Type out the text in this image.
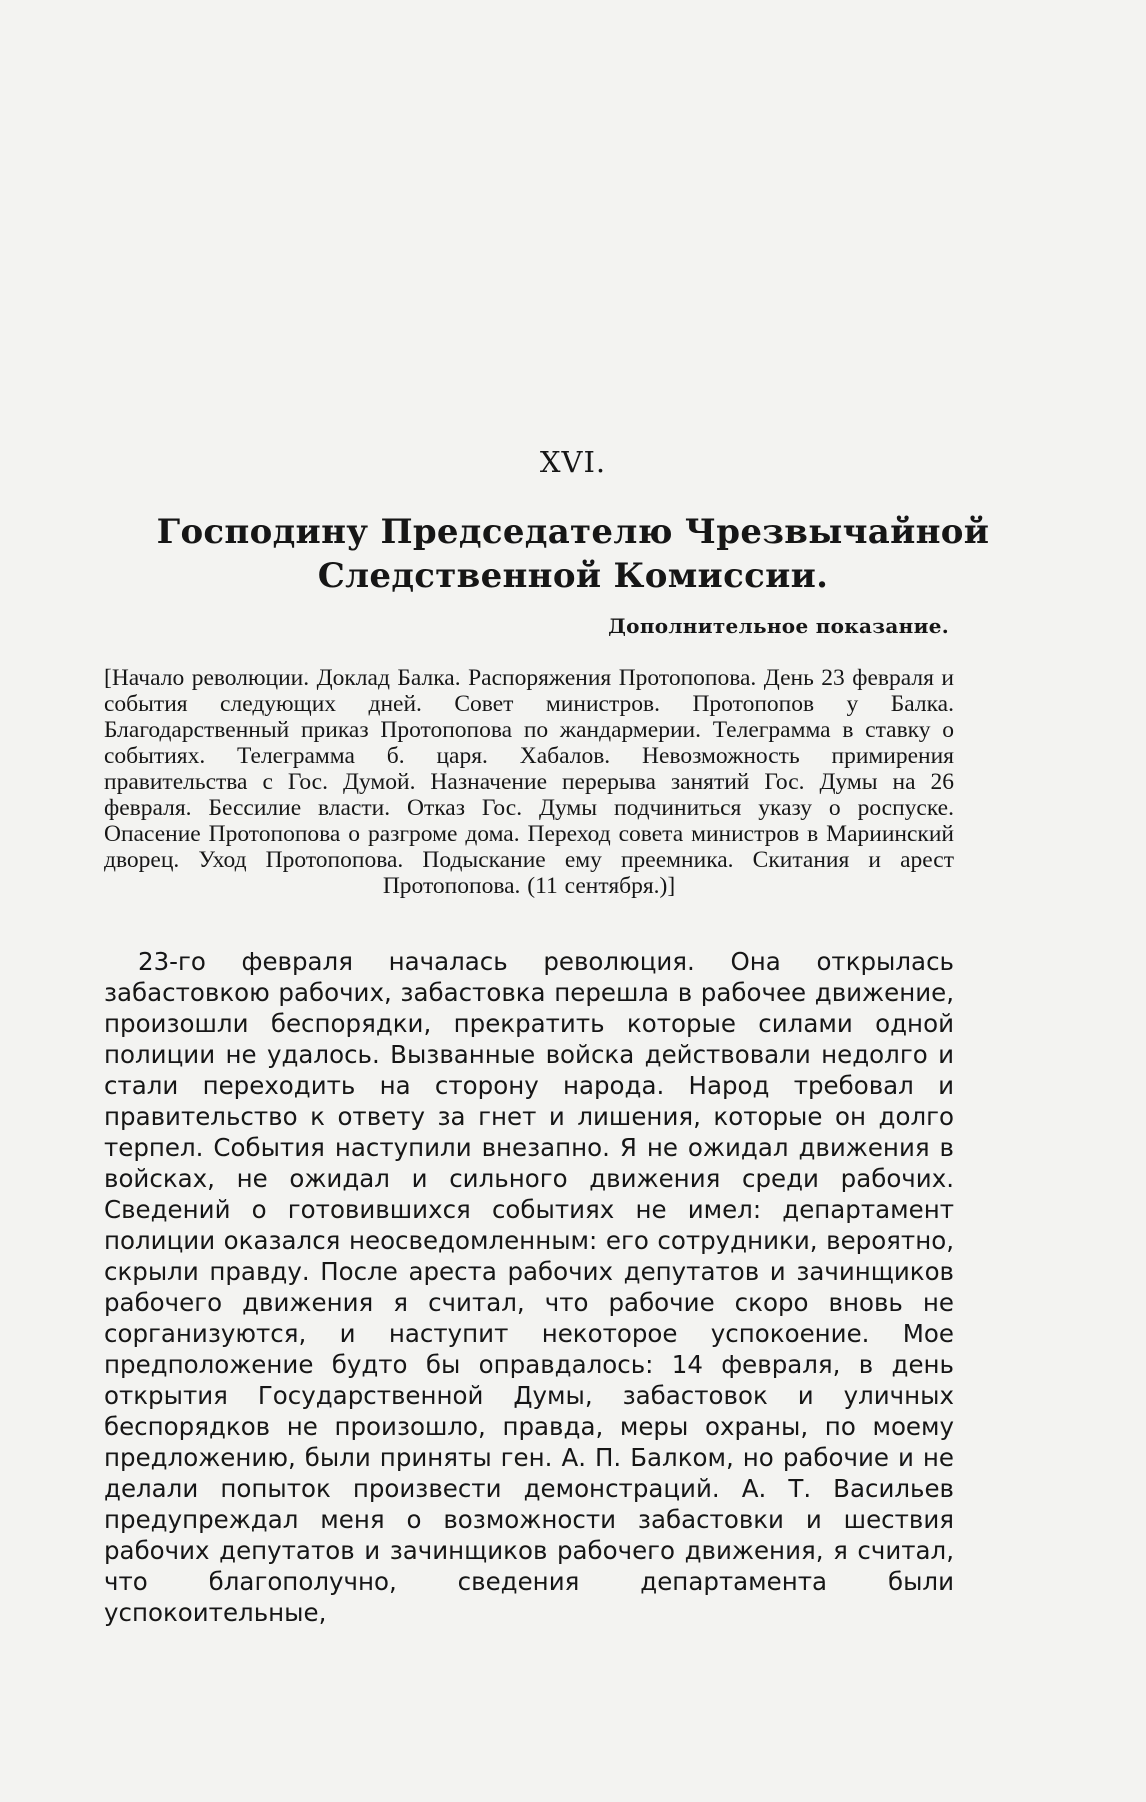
XVI.
Господину Председателю Чрезвычайной Следственной Комиссии.

Дополнительное показание.

[Начало революции. Доклад Балка. Распоряжения Протопопова. День 23 февраля и события следующих дней. Совет министров. Протопопов у Балка. Благодарственный приказ Протопопова по жандармерии. Телеграмма в ставку о событиях. Телеграмма б. царя. Хабалов. Невозможность примирения правительства с Гос. Думой. Назначение перерыва занятий Гос. Думы на 26 февраля. Бессилие власти. Отказ Гос. Думы подчиниться указу о роспуске. Опасение Протопопова о разгроме дома. Переход совета министров в Мариинский дворец. Уход Протопопова. Подыскание ему преемника. Скитания и арест Протопопова. (11 сентября.)]

23-го февраля началась революция. Она открылась забастовкою рабочих, забастовка перешла в рабочее движение, произошли беспорядки, прекратить которые силами одной полиции не удалось. Вызванные войска действовали недолго и стали переходить на сторону народа. Народ требовал и правительство к ответу за гнет и лишения, которые он долго терпел. События наступили внезапно. Я не ожидал движения в войсках, не ожидал и сильного движения среди рабочих. Сведений о готовившихся событиях не имел: департамент полиции оказался неосведомленным: его сотрудники, вероятно, скрыли правду. После ареста рабочих депутатов и зачинщиков рабочего движения я считал, что рабочие скоро вновь не сорганизуются, и наступит некоторое успокоение. Мое предположение будто бы оправдалось: 14 февраля, в день открытия Государственной Думы, забастовок и уличных беспорядков не произошло, правда, меры охраны, по моему предложению, были приняты ген. А. П. Балком, но рабочие и не делали попыток произвести демонстраций. А. Т. Васильев предупреждал меня о возможности забастовки и шествия рабочих депутатов и зачинщиков рабочего движения, я считал, что благополучно, сведения департамента были успокоительные,
